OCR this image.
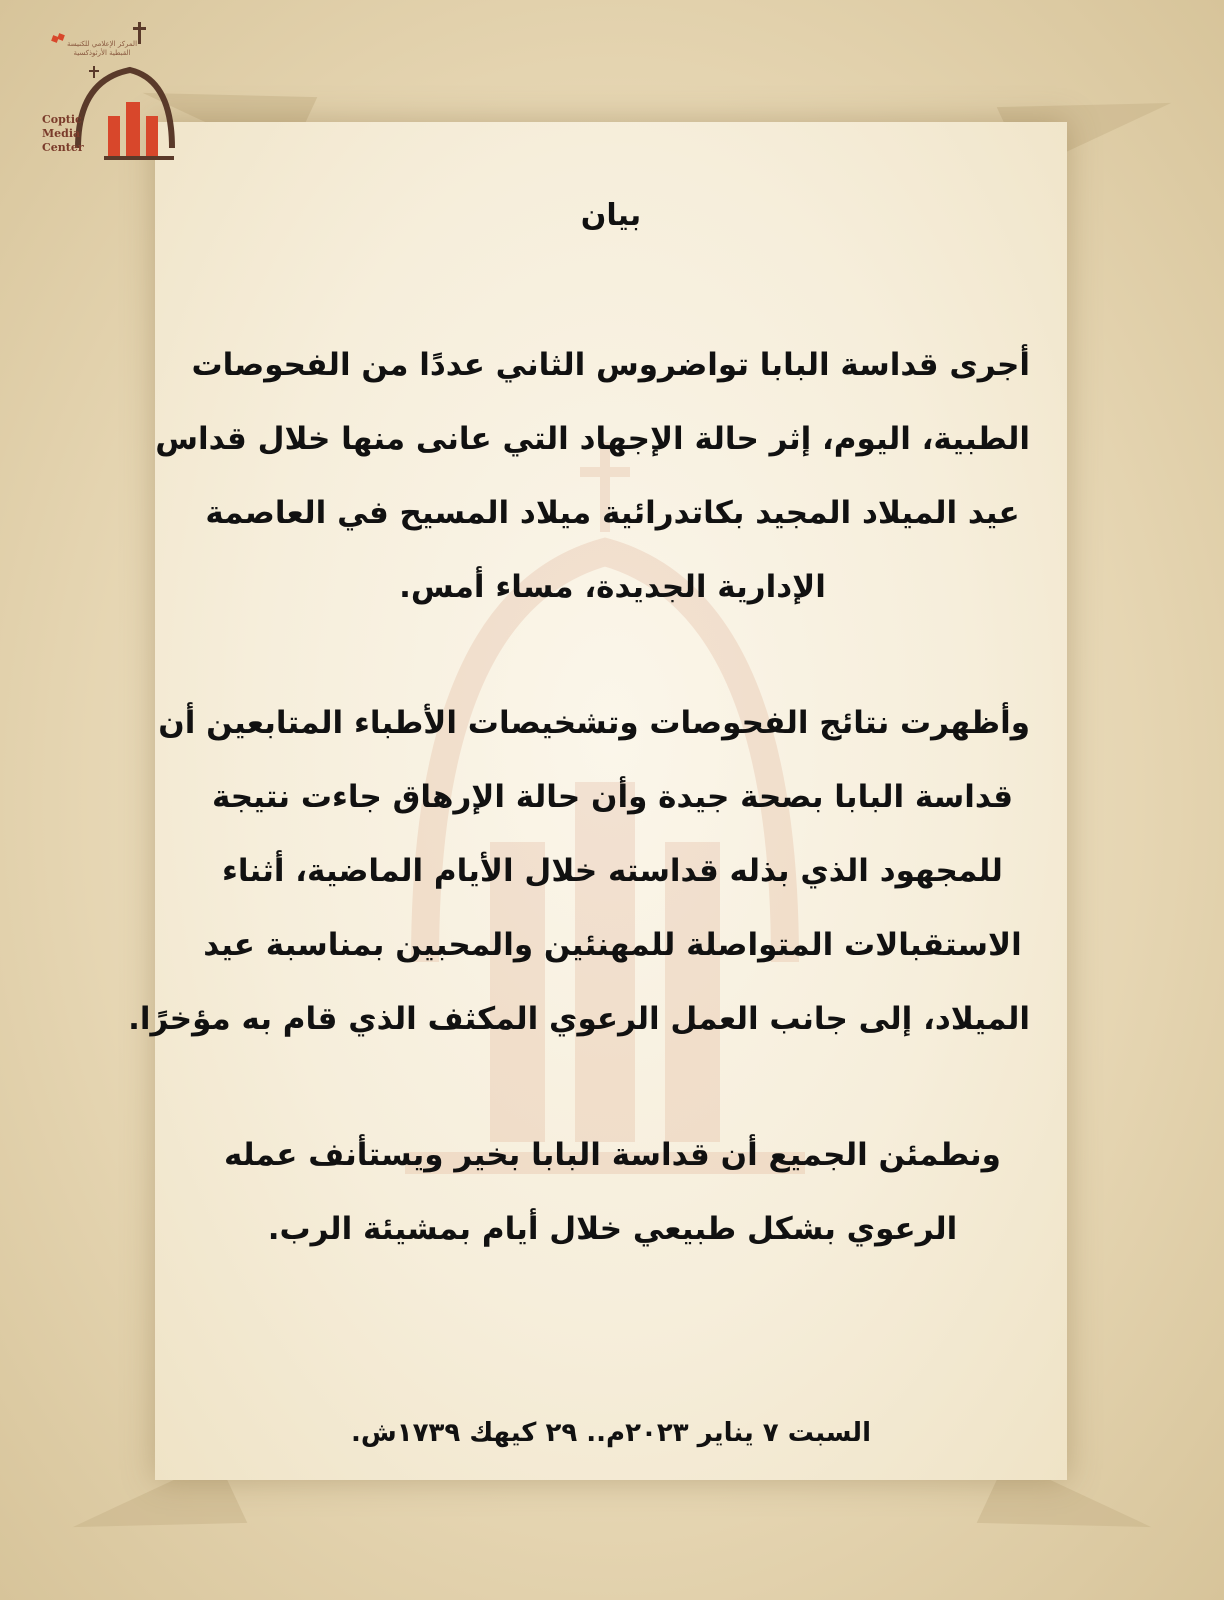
المركز الإعلامي للكنيسة القبطية الأرثوذكسية
Coptic
Media
Center
بيان
أجرى قداسة البابا تواضروس الثاني عددًا من الفحوصات
الطبية، اليوم، إثر حالة الإجهاد التي عانى منها خلال قداس
عيد الميلاد المجيد بكاتدرائية ميلاد المسيح في العاصمة
الإدارية الجديدة، مساء أمس.
وأظهرت نتائج الفحوصات وتشخيصات الأطباء المتابعين أن
قداسة البابا بصحة جيدة وأن حالة الإرهاق جاءت نتيجة
للمجهود الذي بذله قداسته خلال الأيام الماضية، أثناء
الاستقبالات المتواصلة للمهنئين والمحبين بمناسبة عيد
الميلاد، إلى جانب العمل الرعوي المكثف الذي قام به مؤخرًا.
ونطمئن الجميع أن قداسة البابا بخير ويستأنف عمله
الرعوي بشكل طبيعي خلال أيام بمشيئة الرب.
السبت ٧ يناير ٢٠٢٣م.. ٢٩ كيهك ١٧٣٩ش.
